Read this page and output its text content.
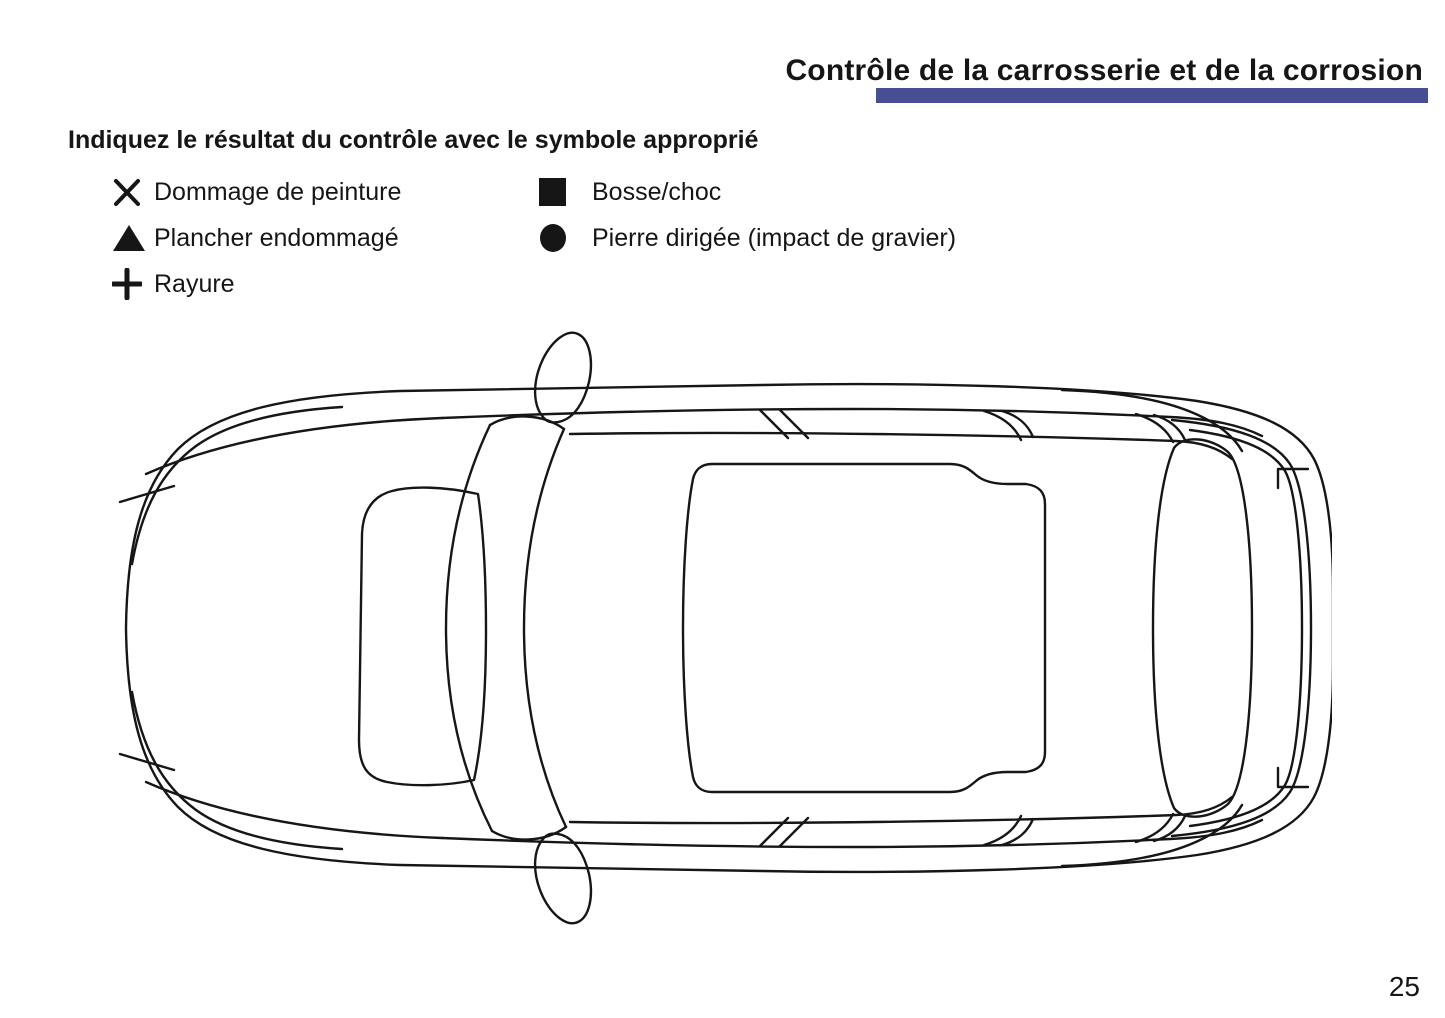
Contrôle de la carrosserie et de la corrosion
Indiquez le résultat du contrôle avec le symbole approprié
Dommage de peinture
Plancher endommagé
Rayure
Bosse/choc
Pierre dirigée (impact de gravier)
25
